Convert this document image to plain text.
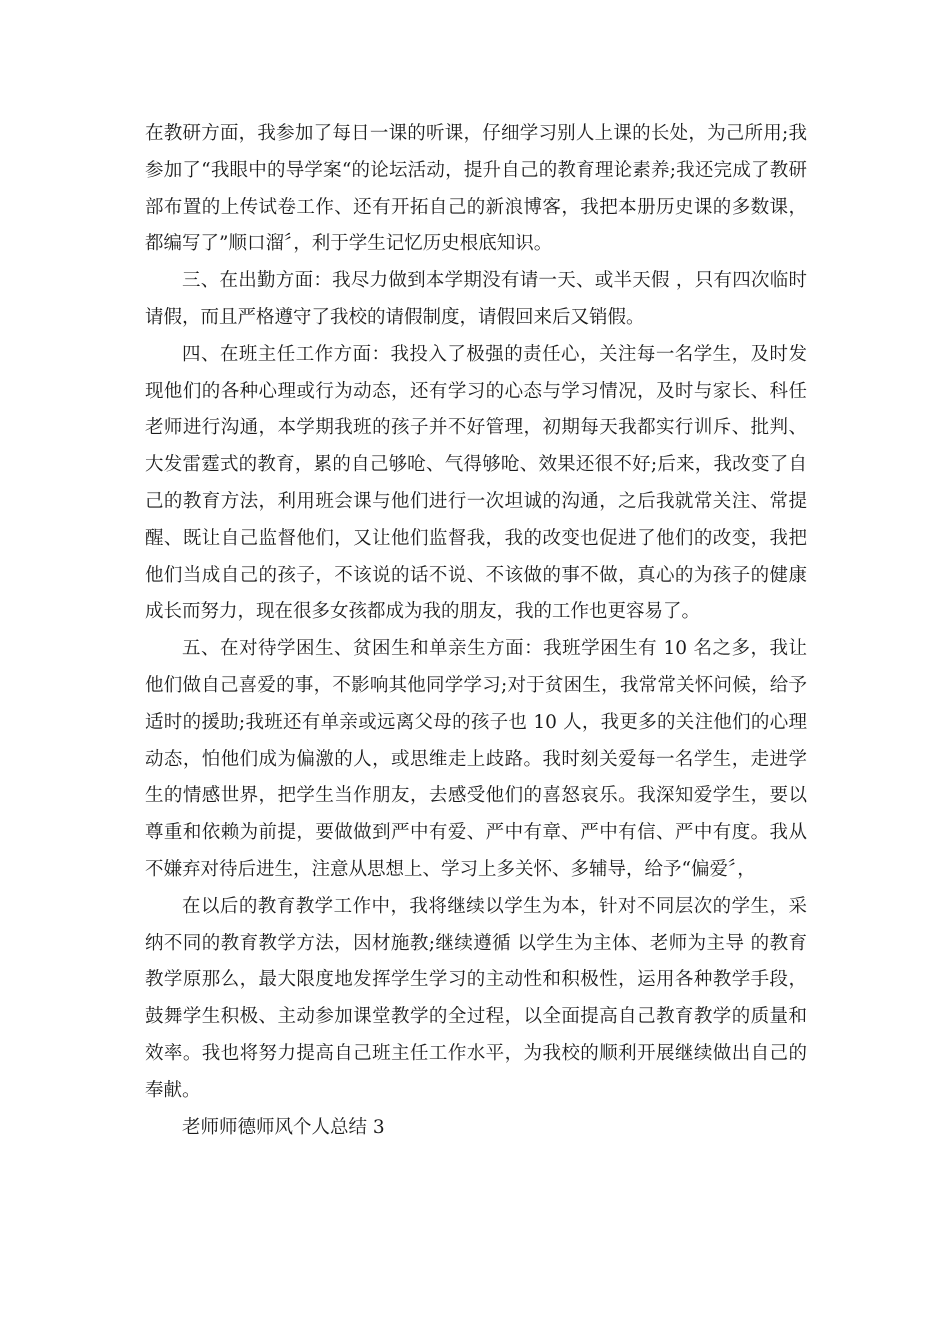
在教研方面，我参加了每日一课的听课，仔细学习别人上课的长处，为己所用;我参加了“我眼中的导学案“的论坛活动，提升自己的教育理论素养;我还完成了教研部布置的上传试卷工作、还有开拓自己的新浪博客，我把本册历史课的多数课，都编写了”顺口溜〞，利于学生记忆历史根底知识。

三、在出勤方面：我尽力做到本学期没有请一天、或半天假 ，只有四次临时请假，而且严格遵守了我校的请假制度，请假回来后又销假。

四、在班主任工作方面：我投入了极强的责任心，关注每一名学生，及时发现他们的各种心理或行为动态，还有学习的心态与学习情况，及时与家长、科任老师进行沟通，本学期我班的孩子并不好管理，初期每天我都实行训斥、批判、大发雷霆式的教育，累的自己够呛、气得够呛、效果还很不好;后来，我改变了自己的教育方法，利用班会课与他们进行一次坦诚的沟通，之后我就常关注、常提醒、既让自己监督他们，又让他们监督我，我的改变也促进了他们的改变，我把他们当成自己的孩子，不该说的话不说、不该做的事不做，真心的为孩子的健康成长而努力，现在很多女孩都成为我的朋友，我的工作也更容易了。

五、在对待学困生、贫困生和单亲生方面：我班学困生有 10 名之多，我让他们做自己喜爱的事，不影响其他同学学习;对于贫困生，我常常关怀问候，给予适时的援助;我班还有单亲或远离父母的孩子也 10 人，我更多的关注他们的心理动态，怕他们成为偏激的人，或思维走上歧路。我时刻关爱每一名学生，走进学生的情感世界，把学生当作朋友，去感受他们的喜怒哀乐。我深知爱学生，要以尊重和依赖为前提，要做做到严中有爱、严中有章、严中有信、严中有度。我从不嫌弃对待后进生，注意从思想上、学习上多关怀、多辅导，给予“偏爱〞，

在以后的教育教学工作中，我将继续以学生为本，针对不同层次的学生，采纳不同的教育教学方法，因材施教;继续遵循 以学生为主体、老师为主导 的教育教学原那么，最大限度地发挥学生学习的主动性和积极性，运用各种教学手段，鼓舞学生积极、主动参加课堂教学的全过程，以全面提高自己教育教学的质量和效率。我也将努力提高自己班主任工作水平，为我校的顺利开展继续做出自己的奉献。

老师师德师风个人总结 3
